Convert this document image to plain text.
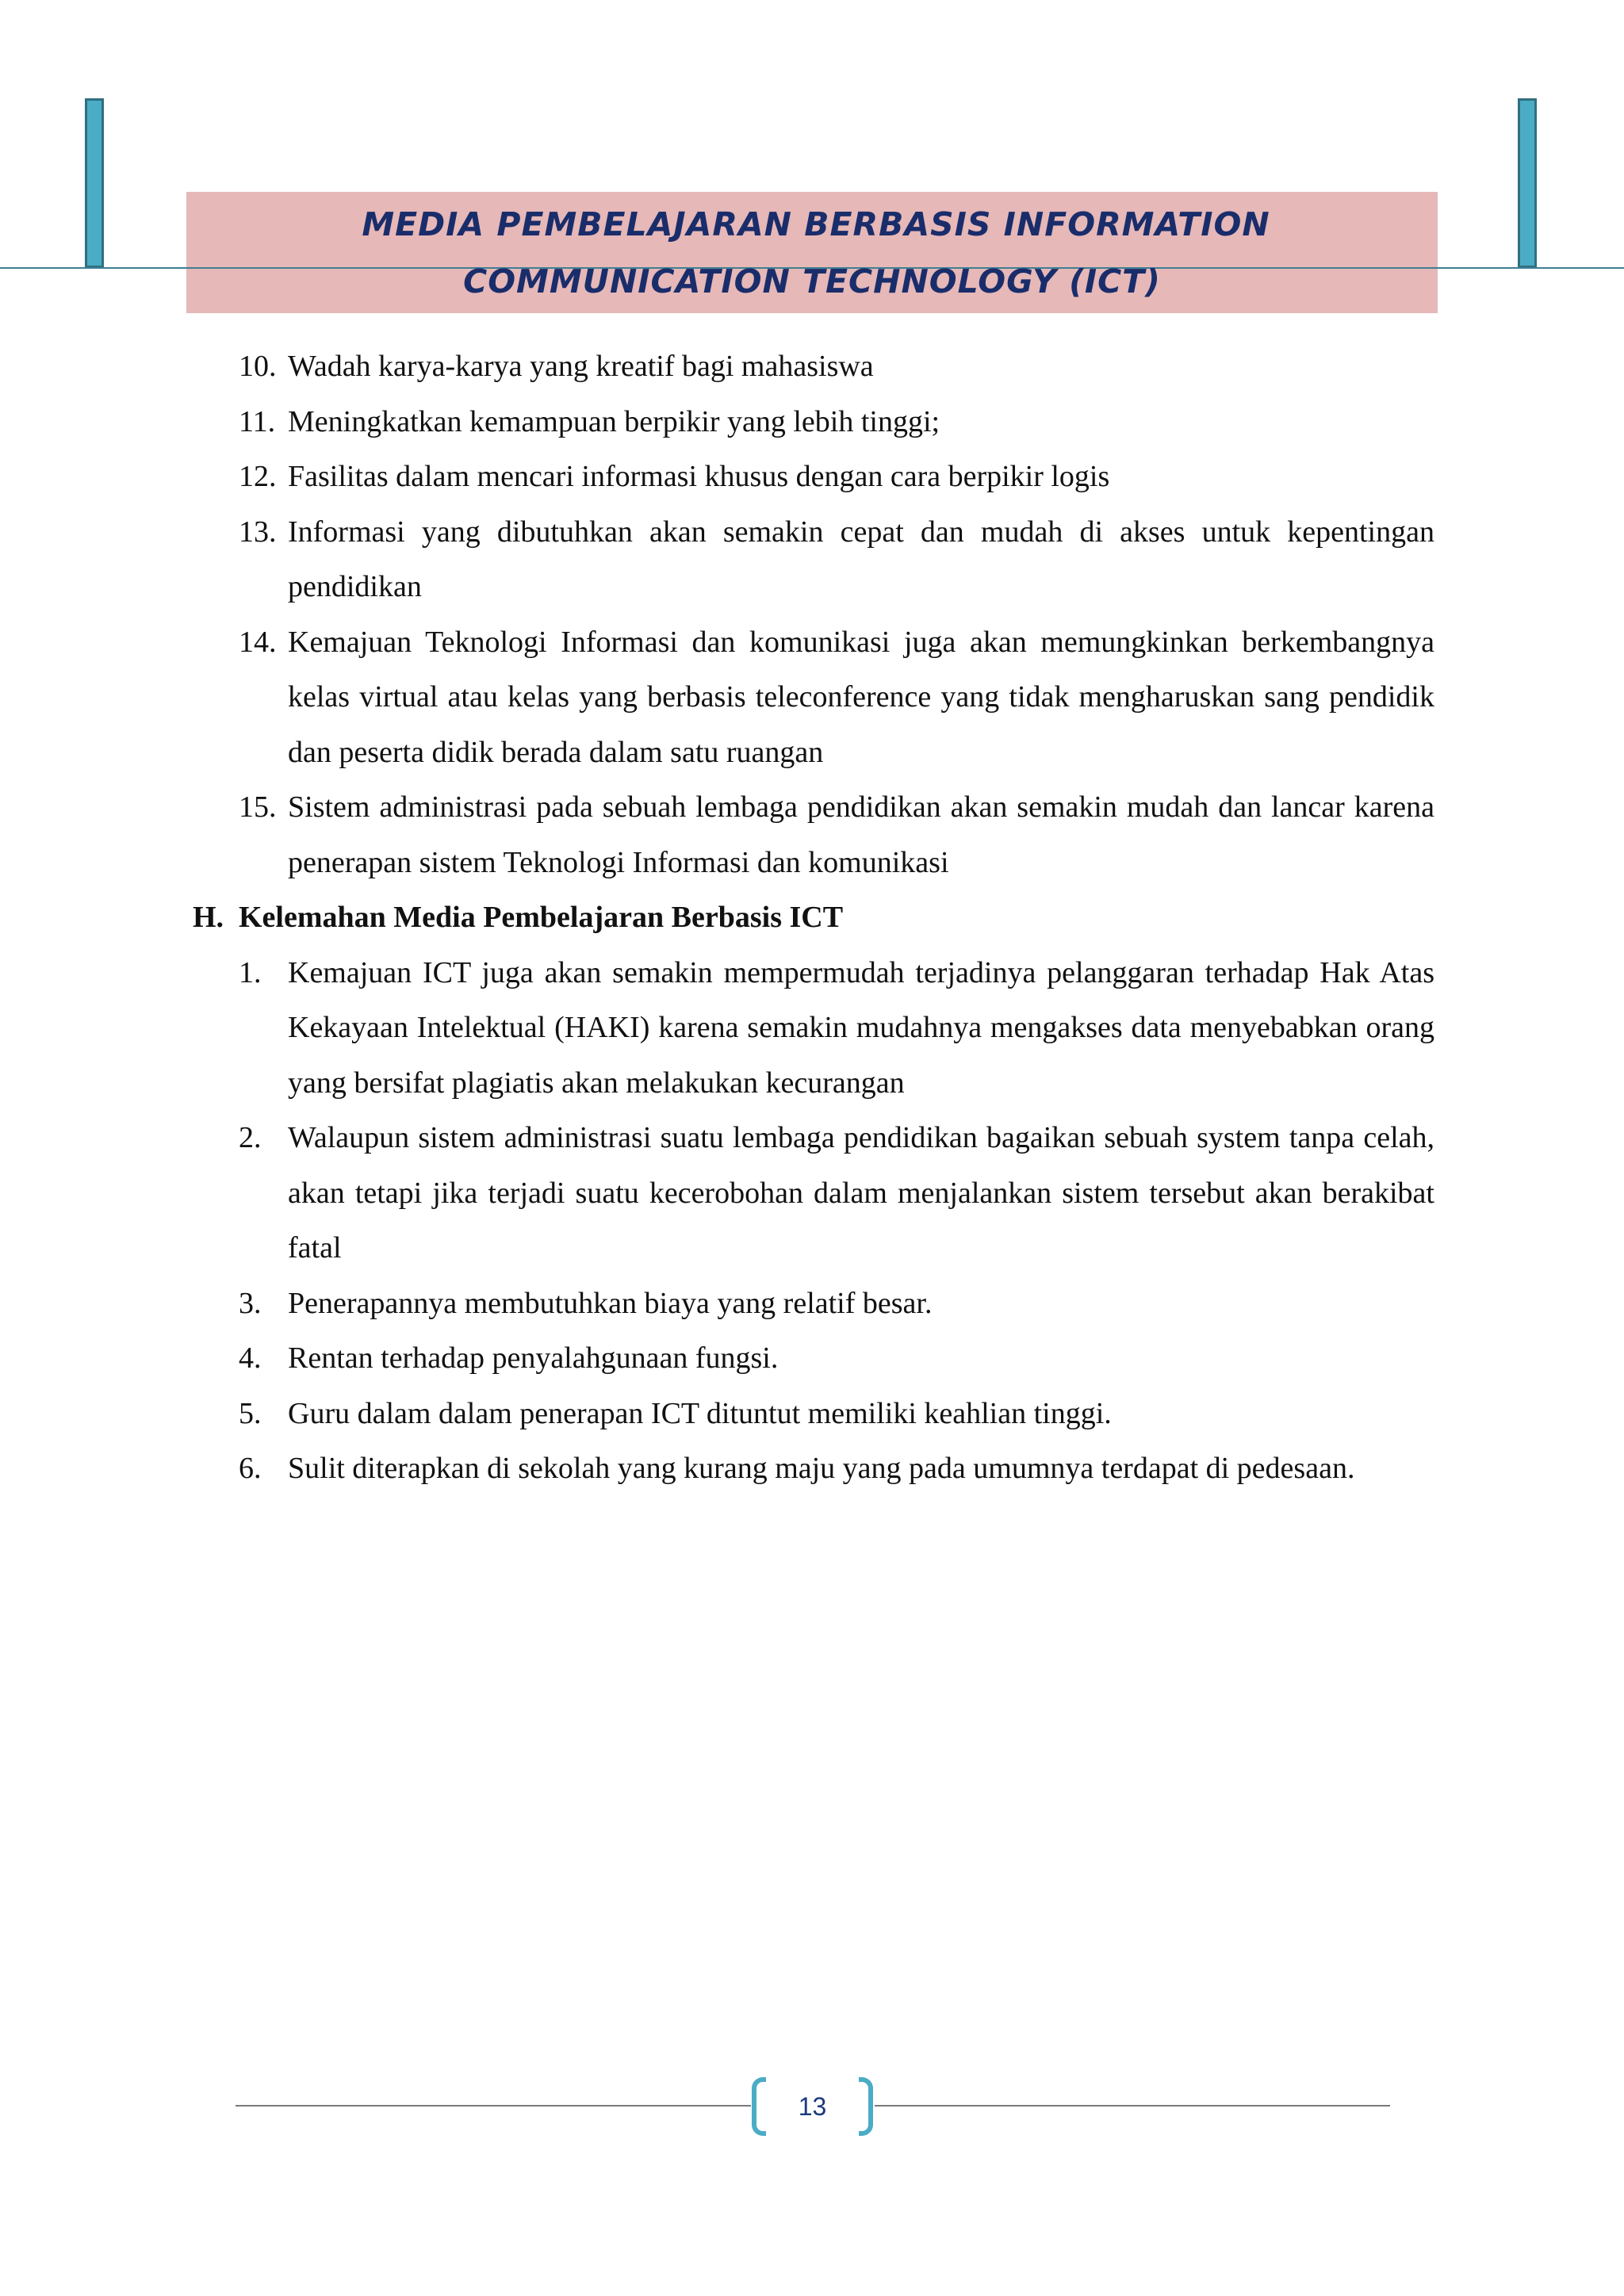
MEDIA PEMBELAJARAN BERBASIS INFORMATION
COMMUNICATION TECHNOLOGY (ICT)
10. Wadah karya-karya yang kreatif bagi mahasiswa
11. Meningkatkan kemampuan berpikir yang lebih tinggi;
12. Fasilitas dalam mencari informasi khusus dengan cara berpikir logis
13. Informasi yang dibutuhkan akan semakin cepat dan mudah di akses untuk kepentingan pendidikan
14. Kemajuan Teknologi Informasi dan komunikasi juga akan memungkinkan berkembangnya kelas virtual atau kelas yang berbasis teleconference yang tidak mengharuskan sang pendidik dan peserta didik berada dalam satu ruangan
15. Sistem administrasi pada sebuah lembaga pendidikan akan semakin mudah dan lancar karena penerapan sistem Teknologi Informasi dan komunikasi
H. Kelemahan Media Pembelajaran Berbasis ICT
1. Kemajuan ICT juga akan semakin mempermudah terjadinya pelanggaran terhadap Hak Atas Kekayaan Intelektual (HAKI) karena semakin mudahnya mengakses data menyebabkan orang yang bersifat plagiatis akan melakukan kecurangan
2. Walaupun sistem administrasi suatu lembaga pendidikan bagaikan sebuah system tanpa celah, akan tetapi jika terjadi suatu kecerobohan dalam menjalankan sistem tersebut akan berakibat fatal
3. Penerapannya membutuhkan biaya yang relatif besar.
4. Rentan terhadap penyalahgunaan fungsi.
5. Guru dalam dalam penerapan ICT dituntut memiliki keahlian tinggi.
6. Sulit diterapkan di sekolah yang kurang maju yang pada umumnya terdapat di pedesaan.
13
